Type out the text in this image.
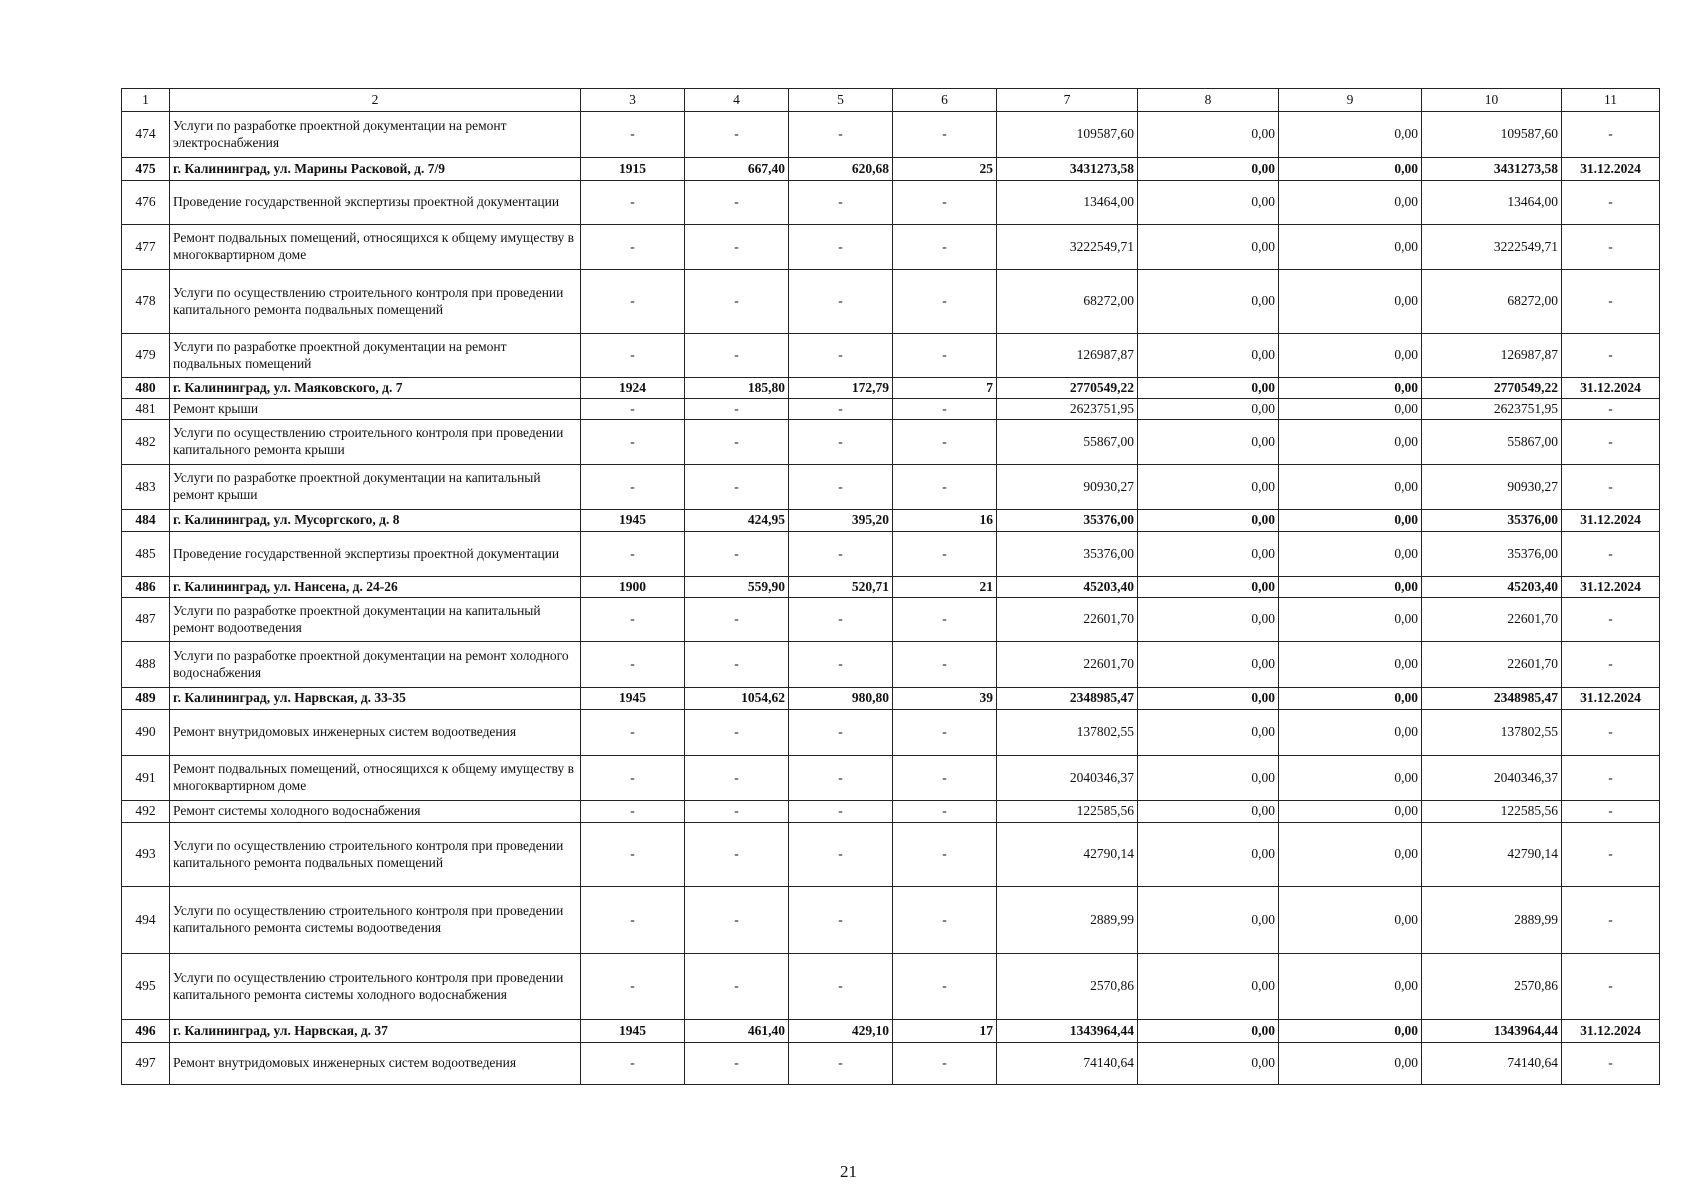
1	2	3	4	5	6	7	8	9	10	11
474	Услуги по разработке проектной документации на ремонт электроснабжения	-	-	-	-	109587,60	0,00	0,00	109587,60	-
475	г. Калининград, ул. Марины Расковой, д. 7/9	1915	667,40	620,68	25	3431273,58	0,00	0,00	3431273,58	31.12.2024
476	Проведение государственной экспертизы проектной документации	-	-	-	-	13464,00	0,00	0,00	13464,00	-
477	Ремонт подвальных помещений, относящихся к общему имуществу в многоквартирном доме	-	-	-	-	3222549,71	0,00	0,00	3222549,71	-
478	Услуги по осуществлению строительного контроля при проведении капитального ремонта подвальных помещений	-	-	-	-	68272,00	0,00	0,00	68272,00	-
479	Услуги по разработке проектной документации на ремонт подвальных помещений	-	-	-	-	126987,87	0,00	0,00	126987,87	-
480	г. Калининград, ул. Маяковского, д. 7	1924	185,80	172,79	7	2770549,22	0,00	0,00	2770549,22	31.12.2024
481	Ремонт крыши	-	-	-	-	2623751,95	0,00	0,00	2623751,95	-
482	Услуги по осуществлению строительного контроля при проведении капитального ремонта крыши	-	-	-	-	55867,00	0,00	0,00	55867,00	-
483	Услуги по разработке проектной документации на капитальный ремонт крыши	-	-	-	-	90930,27	0,00	0,00	90930,27	-
484	г. Калининград, ул. Мусоргского, д. 8	1945	424,95	395,20	16	35376,00	0,00	0,00	35376,00	31.12.2024
485	Проведение государственной экспертизы проектной документации	-	-	-	-	35376,00	0,00	0,00	35376,00	-
486	г. Калининград, ул. Нансена, д. 24-26	1900	559,90	520,71	21	45203,40	0,00	0,00	45203,40	31.12.2024
487	Услуги по разработке проектной документации на капитальный ремонт водоотведения	-	-	-	-	22601,70	0,00	0,00	22601,70	-
488	Услуги по разработке проектной документации на ремонт холодного водоснабжения	-	-	-	-	22601,70	0,00	0,00	22601,70	-
489	г. Калининград, ул. Нарвская, д. 33-35	1945	1054,62	980,80	39	2348985,47	0,00	0,00	2348985,47	31.12.2024
490	Ремонт внутридомовых инженерных систем водоотведения	-	-	-	-	137802,55	0,00	0,00	137802,55	-
491	Ремонт подвальных помещений, относящихся к общему имуществу в многоквартирном доме	-	-	-	-	2040346,37	0,00	0,00	2040346,37	-
492	Ремонт системы холодного водоснабжения	-	-	-	-	122585,56	0,00	0,00	122585,56	-
493	Услуги по осуществлению строительного контроля при проведении капитального ремонта подвальных помещений	-	-	-	-	42790,14	0,00	0,00	42790,14	-
494	Услуги по осуществлению строительного контроля при проведении капитального ремонта системы водоотведения	-	-	-	-	2889,99	0,00	0,00	2889,99	-
495	Услуги по осуществлению строительного контроля при проведении капитального ремонта системы холодного водоснабжения	-	-	-	-	2570,86	0,00	0,00	2570,86	-
496	г. Калининград, ул. Нарвская, д. 37	1945	461,40	429,10	17	1343964,44	0,00	0,00	1343964,44	31.12.2024
497	Ремонт внутридомовых инженерных систем водоотведения	-	-	-	-	74140,64	0,00	0,00	74140,64	-
21
